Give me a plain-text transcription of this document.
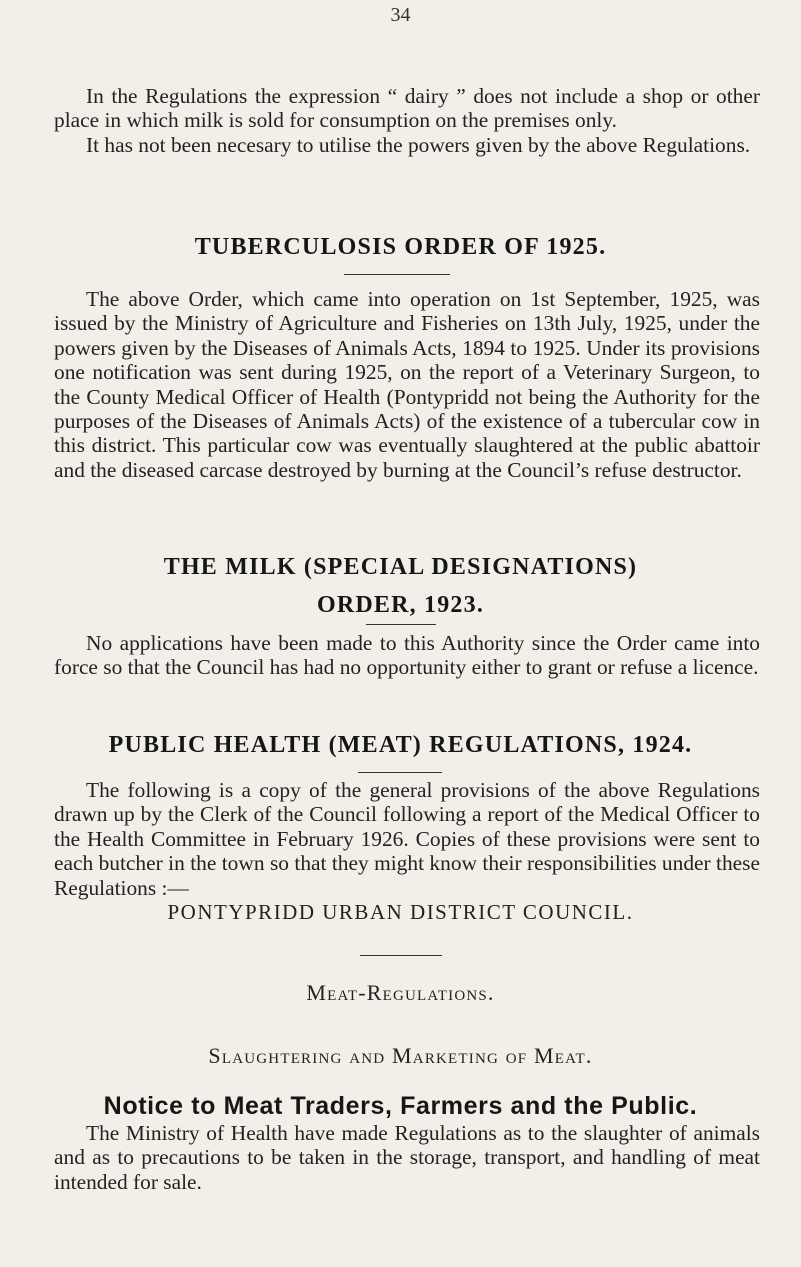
34

In the Regulations the expression “ dairy ” does not include a shop or other place in which milk is sold for consumption on the premises only.

It has not been necesary to utilise the powers given by the above Regulations.

TUBERCULOSIS ORDER OF 1925.

The above Order, which came into operation on 1st September, 1925, was issued by the Ministry of Agriculture and Fisheries on 13th July, 1925, under the powers given by the Diseases of Animals Acts, 1894 to 1925. Under its provisions one notification was sent during 1925, on the report of a Veterinary Surgeon, to the County Medical Officer of Health (Pontypridd not being the Authority for the purposes of the Diseases of Animals Acts) of the existence of a tubercular cow in this district. This particular cow was eventually slaughtered at the public abattoir and the diseased carcase destroyed by burning at the Council’s refuse destructor.

THE MILK (SPECIAL DESIGNATIONS)
ORDER, 1923.

No applications have been made to this Authority since the Order came into force so that the Council has had no opportunity either to grant or refuse a licence.

PUBLIC HEALTH (MEAT) REGULATIONS, 1924.

The following is a copy of the general provisions of the above Regulations drawn up by the Clerk of the Council following a report of the Medical Officer to the Health Committee in February 1926. Copies of these provisions were sent to each butcher in the town so that they might know their responsibilities under these Regulations :—

PONTYPRIDD URBAN DISTRICT COUNCIL.
Meat-Regulations.
Slaughtering and Marketing of Meat.
Notice to Meat Traders, Farmers and the Public.

The Ministry of Health have made Regulations as to the slaughter of animals and as to precautions to be taken in the storage, transport, and handling of meat intended for sale.
